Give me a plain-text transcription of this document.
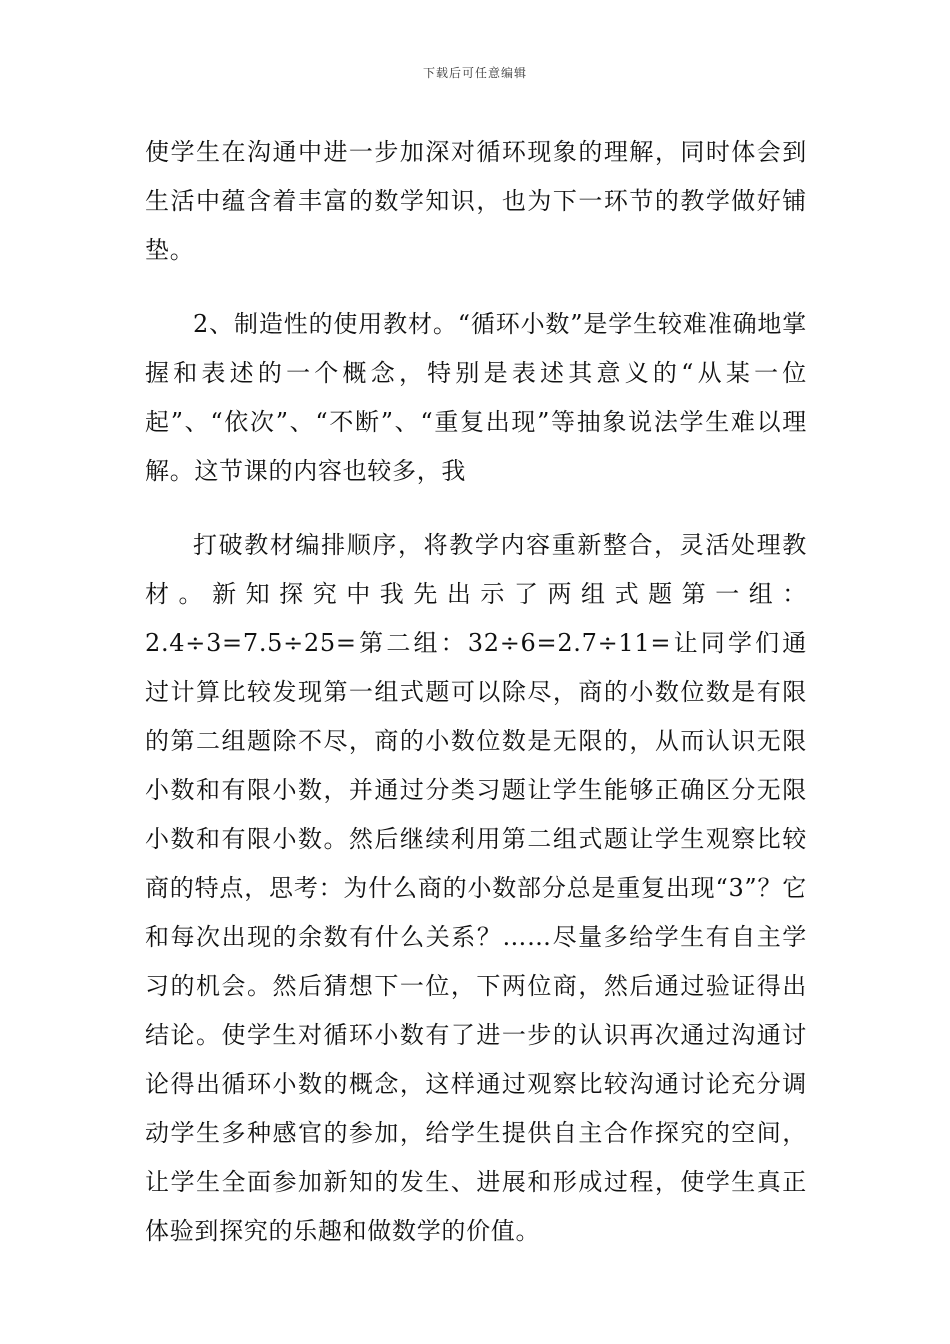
下载后可任意编辑

使学生在沟通中进一步加深对循环现象的理解，同时体会到生活中蕴含着丰富的数学知识，也为下一环节的教学做好铺垫。

2、制造性的使用教材。“循环小数”是学生较难准确地掌握和表述的一个概念，特别是表述其意义的“从某一位起”、“依次”、“不断”、“重复出现”等抽象说法学生难以理解。这节课的内容也较多，我

打破教材编排顺序，将教学内容重新整合，灵活处理教材。新知探究中我先出示了两组式题第一组：2.4÷3=7.5÷25=第二组：32÷6=2.7÷11=让同学们通过计算比较发现第一组式题可以除尽，商的小数位数是有限的第二组题除不尽，商的小数位数是无限的，从而认识无限小数和有限小数，并通过分类习题让学生能够正确区分无限小数和有限小数。然后继续利用第二组式题让学生观察比较商的特点，思考：为什么商的小数部分总是重复出现“3”？它和每次出现的余数有什么关系？……尽量多给学生有自主学习的机会。然后猜想下一位，下两位商，然后通过验证得出结论。使学生对循环小数有了进一步的认识再次通过沟通讨论得出循环小数的概念，这样通过观察比较沟通讨论充分调动学生多种感官的参加，给学生提供自主合作探究的空间，让学生全面参加新知的发生、进展和形成过程，使学生真正体验到探究的乐趣和做数学的价值。
